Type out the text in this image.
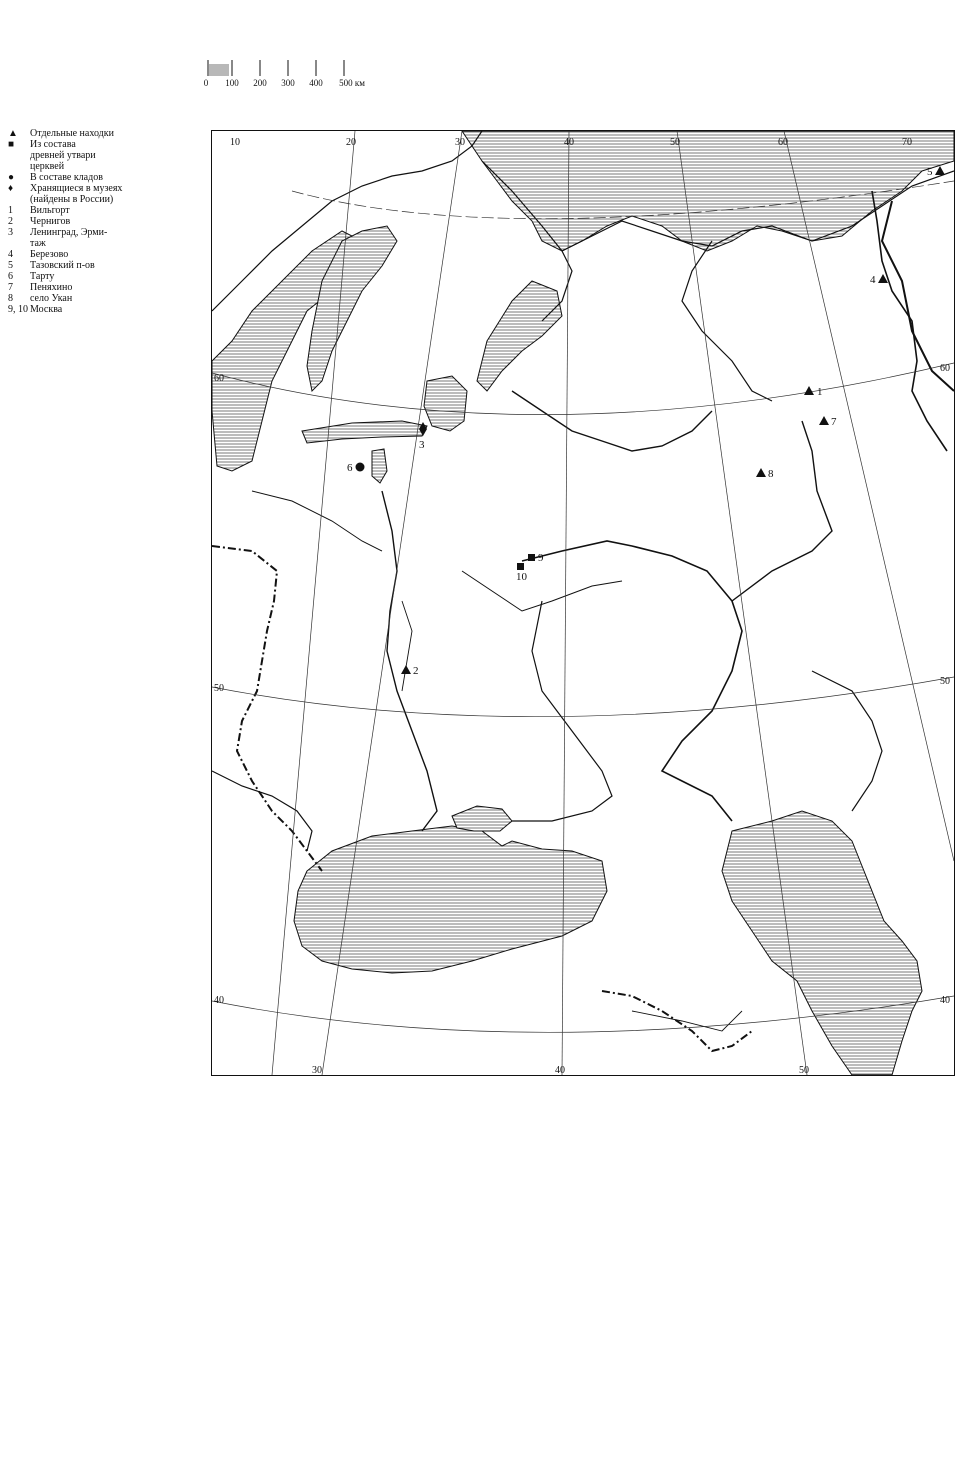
0 100 200 300 400 500 км
▲	Отдельные находки
■	Из состава
древней утвари
церквей
●	В составе кладов
♦	Хранящиеся в музеях
(найдены в России)
1	Вильгорт
2	Чернигов
3	Ленинград, Эрми-
таж
4	Березово
5	Тазовский п-ов
6	Тарту
7	Пеняхино
8	село Укан
9, 10 Москва
10	20	30	40	50	60	70
30	40	50
60
50
40
60
50
40
1
2
3
4
5
6
7
8
9
10
